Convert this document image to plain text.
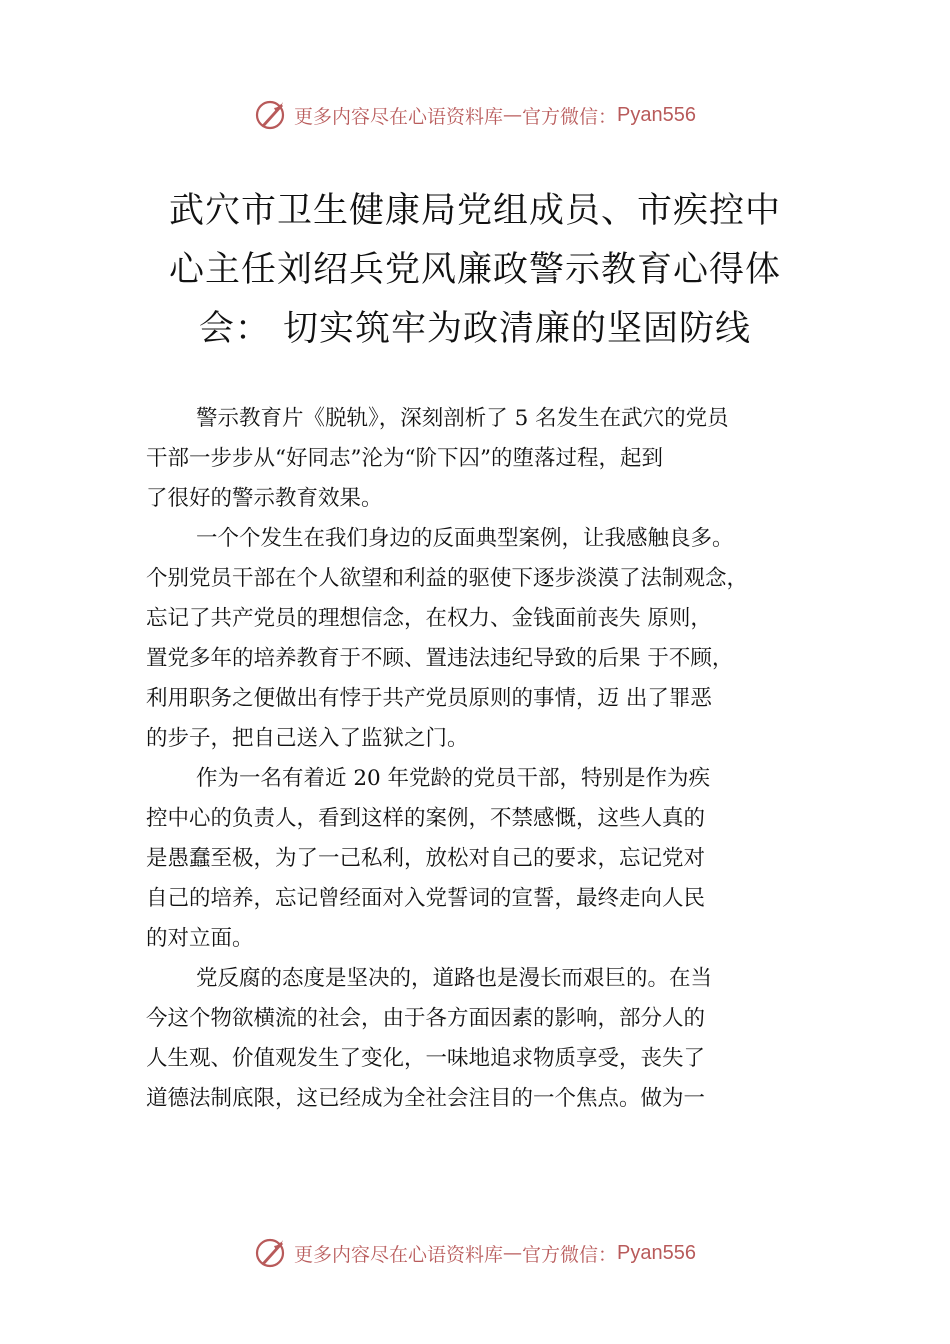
更多内容尽在心语资料库 — 官方微信： Pyan556
武穴市卫生健康局党组成员、市疾控中
心主任刘绍兵党风廉政警示教育心得体
会： 切实筑牢为政清廉的坚固防线
警示教育片《脱轨》，深刻剖析了 5 名发生在武穴的党员
干部一步步从“好同志”沦为“阶下囚”的堕落过程，起到
了很好的警示教育效果。
一个个发生在我们身边的反面典型案例，让我感触良多。
个别党员干部在个人欲望和利益的驱使下逐步淡漠了法制观念，
忘记了共产党员的理想信念，在权力、金钱面前丧失 原则，
置党多年的培养教育于不顾、置违法违纪导致的后果 于不顾，
利用职务之便做出有悖于共产党员原则的事情，迈 出了罪恶
的步子，把自己送入了监狱之门。
作为一名有着近 20 年党龄的党员干部，特别是作为疾
控中心的负责人，看到这样的案例，不禁感慨，这些人真的
是愚蠢至极，为了一己私利，放松对自己的要求，忘记党对
自己的培养，忘记曾经面对入党誓词的宣誓，最终走向人民
的对立面。
党反腐的态度是坚决的，道路也是漫长而艰巨的。在当
今这个物欲横流的社会，由于各方面因素的影响，部分人的
人生观、价值观发生了变化，一味地追求物质享受，丧失了
道德法制底限，这已经成为全社会注目的一个焦点。做为一
更多内容尽在心语资料库 — 官方微信： Pyan556
